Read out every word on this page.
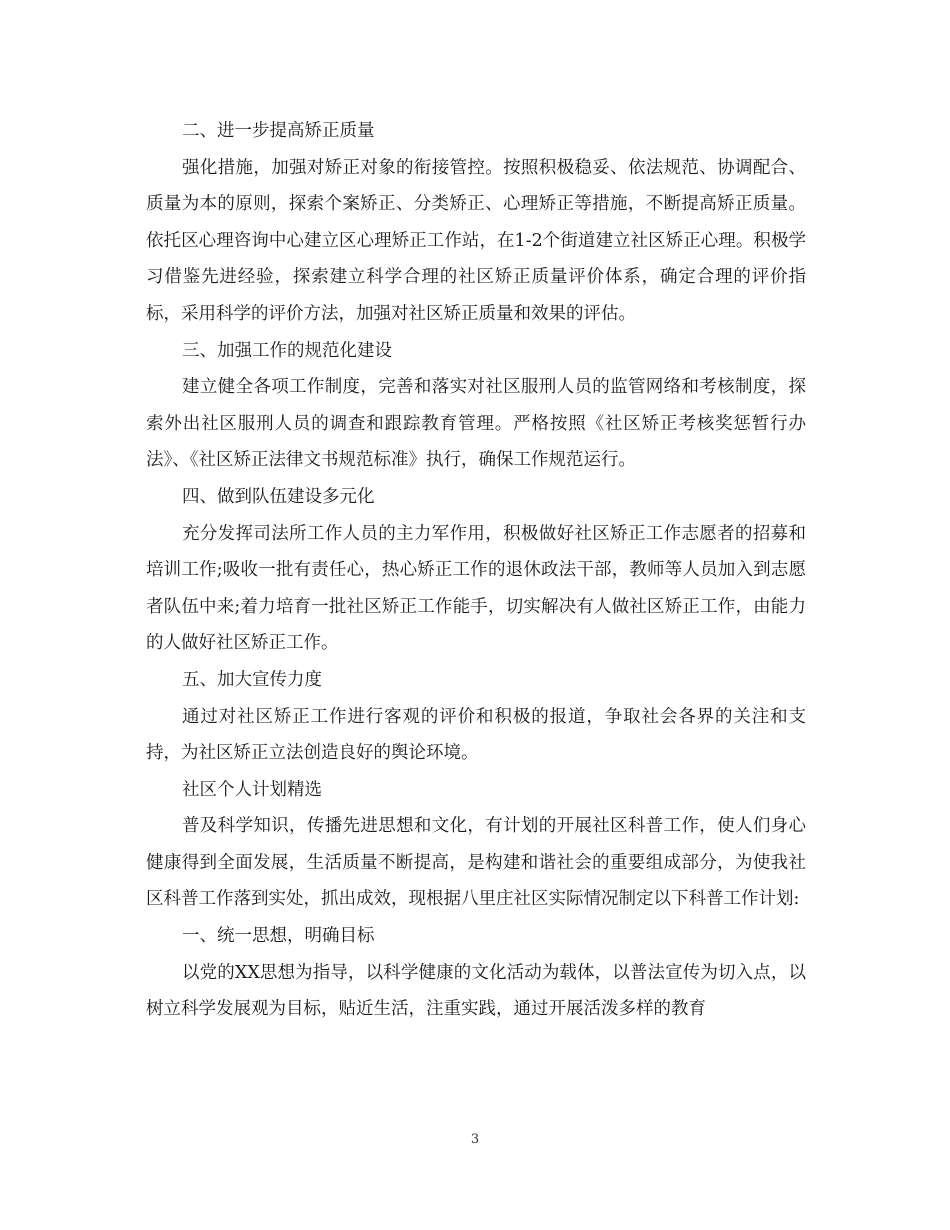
二、进一步提高矫正质量

强化措施，加强对矫正对象的衔接管控。按照积极稳妥、依法规范、协调配合、质量为本的原则，探索个案矫正、分类矫正、心理矫正等措施，不断提高矫正质量。依托区心理咨询中心建立区心理矫正工作站，在1-2个街道建立社区矫正心理。积极学习借鉴先进经验，探索建立科学合理的社区矫正质量评价体系，确定合理的评价指标，采用科学的评价方法，加强对社区矫正质量和效果的评估。

三、加强工作的规范化建设

建立健全各项工作制度，完善和落实对社区服刑人员的监管网络和考核制度，探索外出社区服刑人员的调查和跟踪教育管理。严格按照《社区矫正考核奖惩暂行办法》、《社区矫正法律文书规范标准》执行，确保工作规范运行。

四、做到队伍建设多元化

充分发挥司法所工作人员的主力军作用，积极做好社区矫正工作志愿者的招募和培训工作;吸收一批有责任心，热心矫正工作的退休政法干部，教师等人员加入到志愿者队伍中来;着力培育一批社区矫正工作能手，切实解决有人做社区矫正工作，由能力的人做好社区矫正工作。

五、加大宣传力度

通过对社区矫正工作进行客观的评价和积极的报道，争取社会各界的关注和支持，为社区矫正立法创造良好的舆论环境。

社区个人计划精选

普及科学知识，传播先进思想和文化，有计划的开展社区科普工作，使人们身心健康得到全面发展，生活质量不断提高，是构建和谐社会的重要组成部分，为使我社区科普工作落到实处，抓出成效，现根据八里庄社区实际情况制定以下科普工作计划:

一、统一思想，明确目标

以党的XX思想为指导，以科学健康的文化活动为载体，以普法宣传为切入点，以树立科学发展观为目标，贴近生活，注重实践，通过开展活泼多样的教育

3
